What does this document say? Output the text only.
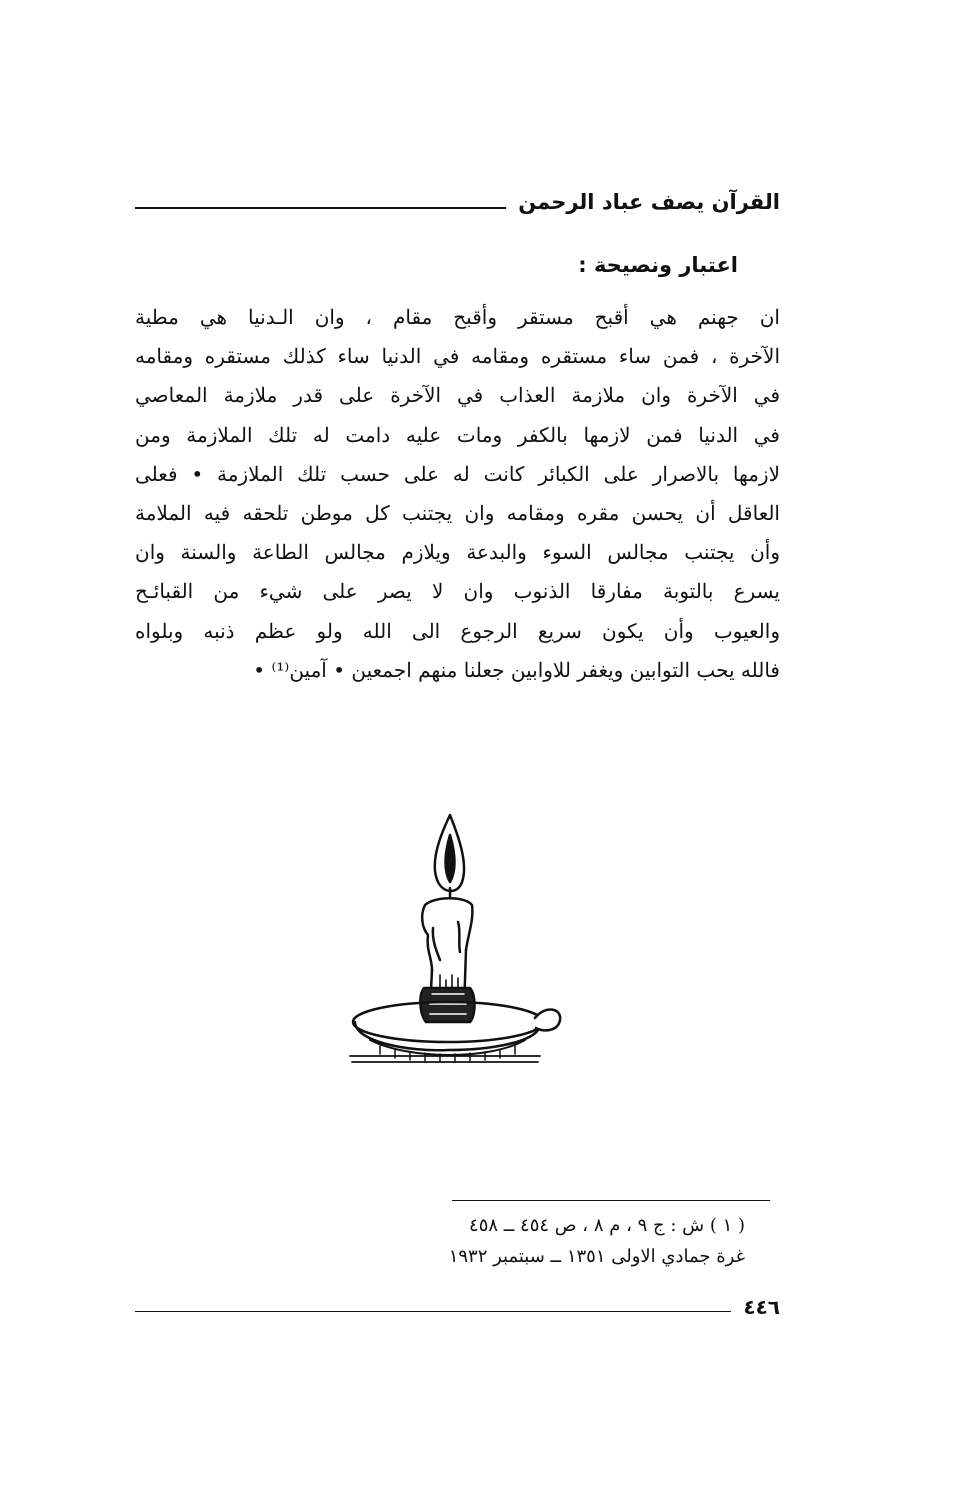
القرآن يصف عباد الرحمن
اعتبار ونصيحة :
ان جهنم هي أقبح مستقر وأقبح مقام ، وان الـدنيا هي مطية
الآخرة ، فمن ساء مستقره ومقامه في الدنيا ساء كذلك مستقره ومقامه
في الآخرة وان ملازمة العذاب في الآخرة على قدر ملازمة المعاصي
في الدنيا فمن لازمها بالكفر ومات عليه دامت له تلك الملازمة ومن
لازمها بالاصرار على الكبائر كانت له على حسب تلك الملازمة • فعلى
العاقل أن يحسن مقره ومقامه وان يجتنب كل موطن تلحقه فيه الملامة
وأن يجتنب مجالس السوء والبدعة ويلازم مجالس الطاعة والسنة وان
يسرع بالتوبة مفارقا الذنوب وان لا يصر على شيء من القبائـح
والعيوب وأن يكون سريع الرجوع الى الله ولو عظم ذنبه وبلواه
فالله يحب التوابين ويغفر للاوابين جعلنا منهم اجمعين • آمين⁽¹⁾ •
( ١ ) ش : ج ٩ ، م ٨ ، ص ٤٥٤ ــ ٤٥٨
غرة جمادي الاولى ١٣٥١ ــ سبتمبر ١٩٣٢
٤٤٦
